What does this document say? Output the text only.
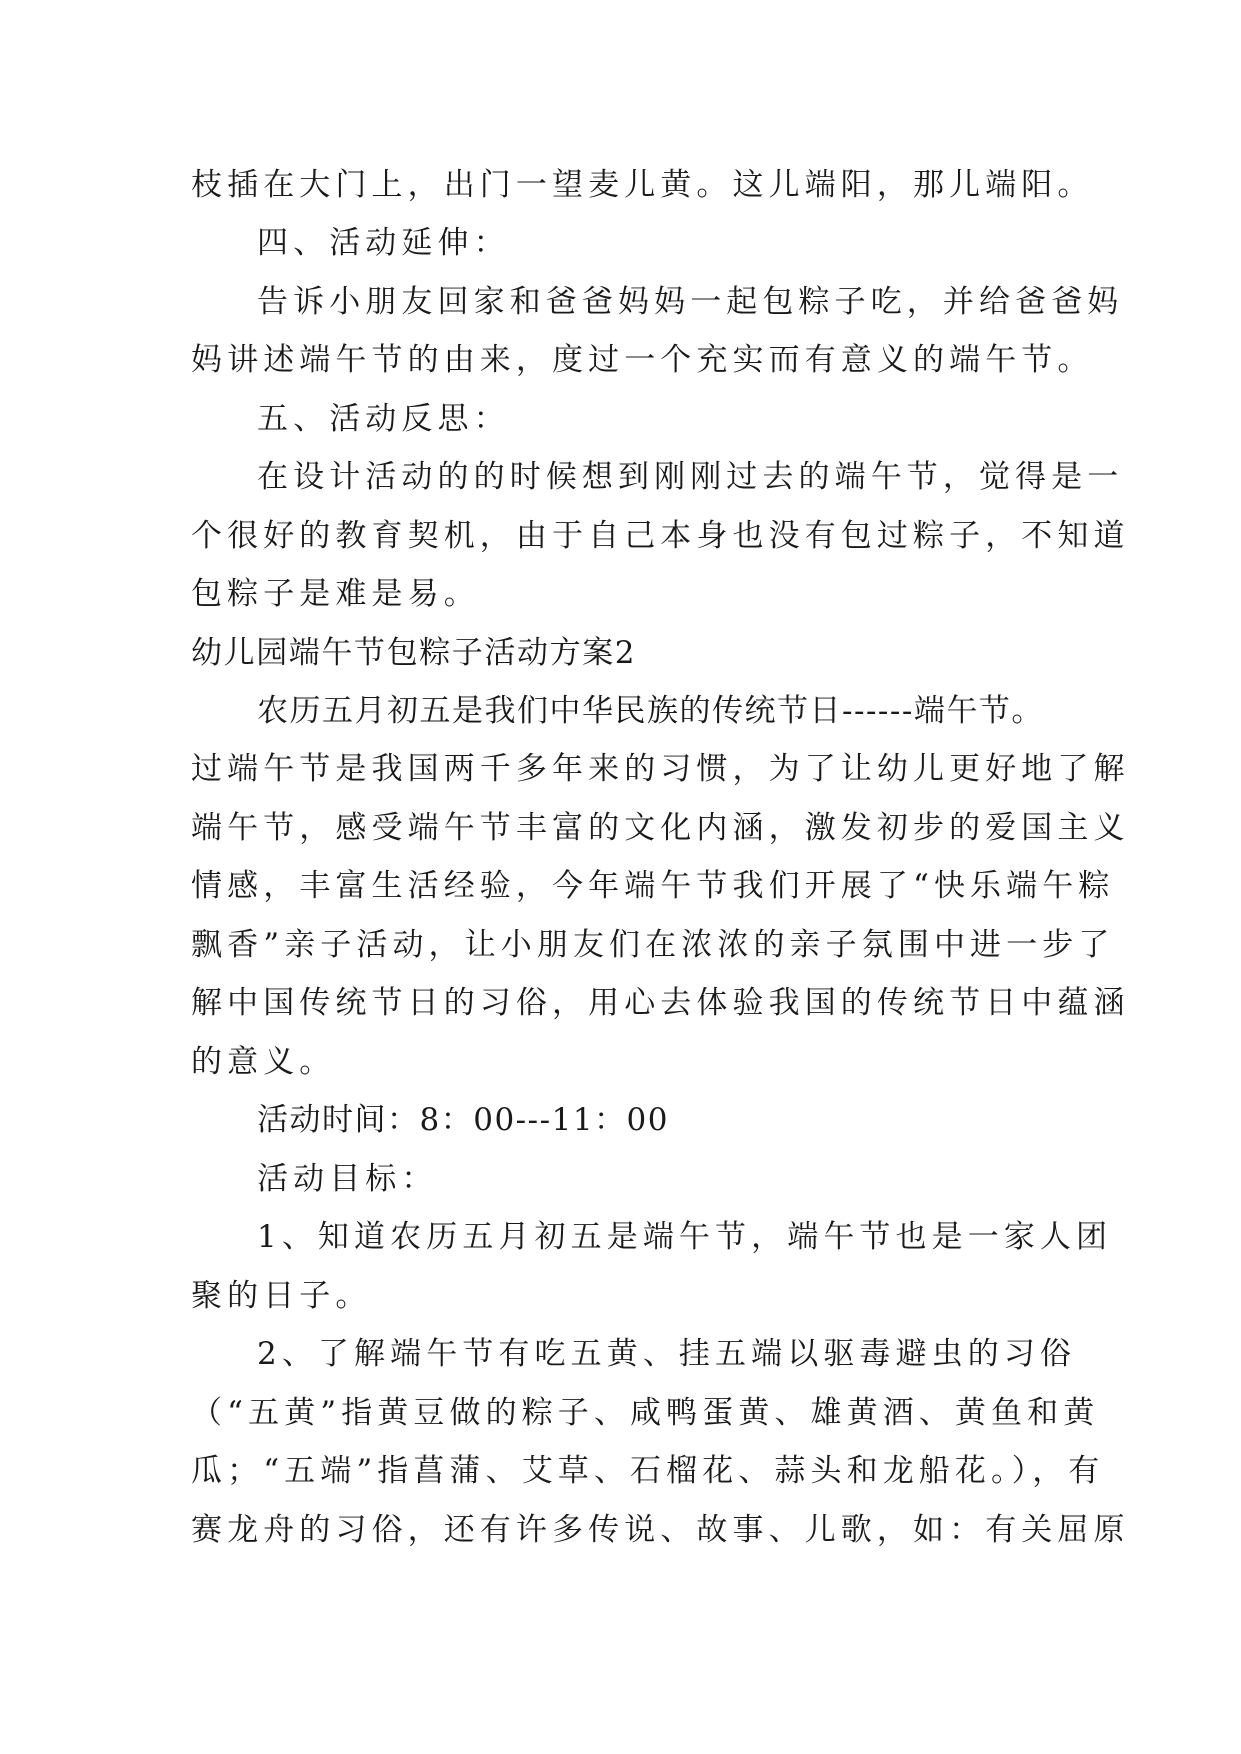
枝插在大门上，出门一望麦儿黄。这儿端阳，那儿端阳。
四、活动延伸：
告诉小朋友回家和爸爸妈妈一起包粽子吃，并给爸爸妈
妈讲述端午节的由来，度过一个充实而有意义的端午节。
五、活动反思：
在设计活动的的时候想到刚刚过去的端午节，觉得是一
个很好的教育契机，由于自己本身也没有包过粽子，不知道
包粽子是难是易。
幼儿园端午节包粽子活动方案2
农历五月初五是我们中华民族的传统节日------端午节。
过端午节是我国两千多年来的习惯，为了让幼儿更好地了解
端午节，感受端午节丰富的文化内涵，激发初步的爱国主义
情感，丰富生活经验，今年端午节我们开展了“快乐端午粽
飘香”亲子活动，让小朋友们在浓浓的亲子氛围中进一步了
解中国传统节日的习俗，用心去体验我国的传统节日中蕴涵
的意义。
活动时间：8：00---11：00
活动目标：
1、知道农历五月初五是端午节，端午节也是一家人团
聚的日子。
2、了解端午节有吃五黄、挂五端以驱毒避虫的习俗
（“五黄”指黄豆做的粽子、咸鸭蛋黄、雄黄酒、黄鱼和黄
瓜；“五端”指菖蒲、艾草、石榴花、蒜头和龙船花。），有
赛龙舟的习俗，还有许多传说、故事、儿歌，如：有关屈原
